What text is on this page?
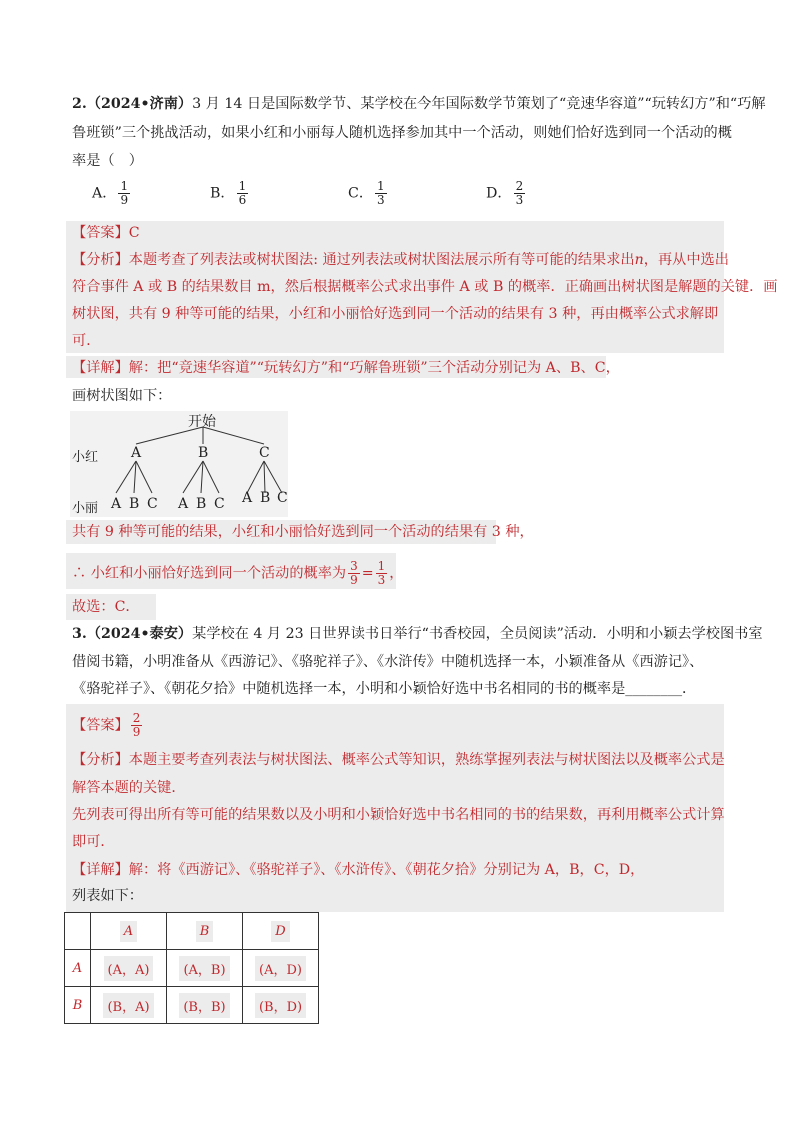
2.（2024•济南）3 月 14 日是国际数学节、某学校在今年国际数学节策划了“竞速华容道”“玩转幻方”和“巧解
鲁班锁”三个挑战活动，如果小红和小丽每人随机选择参加其中一个活动，则她们恰好选到同一个活动的概
率是（　）
A． $\frac{1}{9}$	B． $\frac{1}{6}$	C． $\frac{1}{3}$	D． $\frac{2}{3}$
【答案】C
【分析】本题考查了列表法或树状图法: 通过列表法或树状图法展示所有等可能的结果求出n，再从中选出
符合事件 A 或 B 的结果数目 m，然后根据概率公式求出事件 A 或 B 的概率．正确画出树状图是解题的关键．画
树状图，共有 9 种等可能的结果，小红和小丽恰好选到同一个活动的结果有 3 种，再由概率公式求解即
可．
【详解】解：把“竞速华容道”“玩转幻方”和“巧解鲁班锁”三个活动分别记为 A、B、C，
画树状图如下：
开始
小红
小丽
A	B	C
A B C A B C A B C
共有 9 种等可能的结果，小红和小丽恰好选到同一个活动的结果有 3 种，
∴ 小红和小丽恰好选到同一个活动的概率为 $\frac{3}{9} = \frac{1}{3}$ ，
故选：C．
3.（2024•泰安）某学校在 4 月 23 日世界读书日举行“书香校园，全员阅读”活动．小明和小颖去学校图书室
借阅书籍，小明准备从《西游记》、《骆驼祥子》、《水浒传》中随机选择一本，小颖准备从《西游记》、
《骆驼祥子》、《朝花夕拾》中随机选择一本，小明和小颖恰好选中书名相同的书的概率是________．
【答案】 $\frac{2}{9}$
【分析】本题主要考查列表法与树状图法、概率公式等知识，熟练掌握列表法与树状图法以及概率公式是
解答本题的关键．
先列表可得出所有等可能的结果数以及小明和小颖恰好选中书名相同的书的结果数，再利用概率公式计算
即可．
【详解】解：将《西游记》、《骆驼祥子》、《水浒传》、《朝花夕拾》分别记为 A，B，C，D，
列表如下：
	A	B	D
A	(A，A)	(A，B)	(A，D)
B	(B，A)	(B，B)	(B，D)
